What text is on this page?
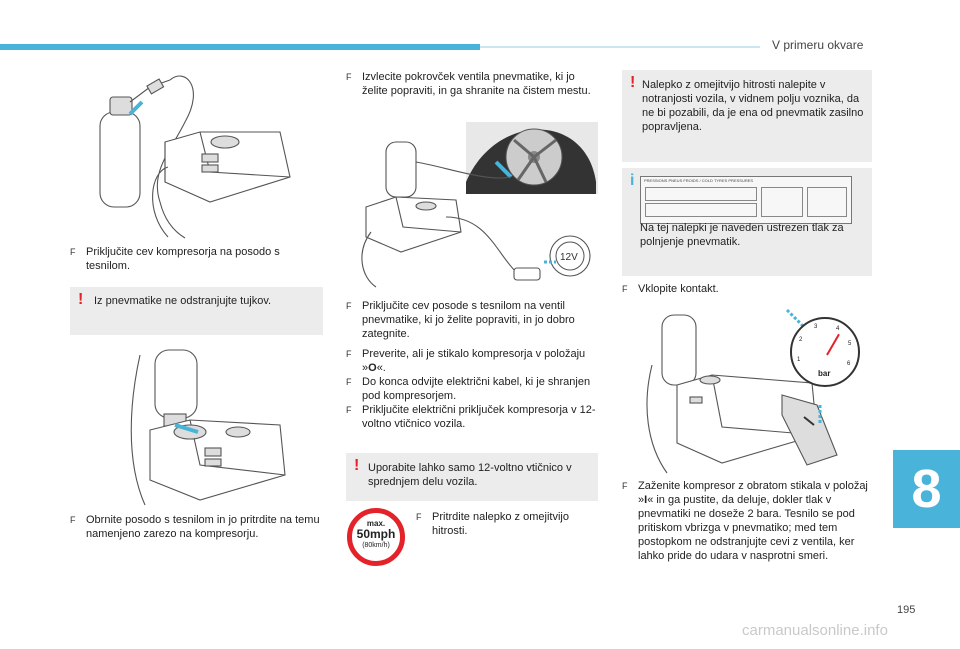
V primeru okvare
8
195
carmanualsonline.info
F Priključite cev kompresorja na posodo s tesnilom.
! Iz pnevmatike ne odstranjujte tujkov.
F Obrnite posodo s tesnilom in jo pritrdite na temu namenjeno zarezo na kompresorju.
F Izvlecite pokrovček ventila pnevmatike, ki jo želite popraviti, in ga shranite na čistem mestu.
12V
F Priključite cev posode s tesnilom na ventil pnevmatike, ki jo želite popraviti, in jo dobro zategnite.
F Preverite, ali je stikalo kompresorja v položaju »O«.
F Do konca odvijte električni kabel, ki je shranjen pod kompresorjem.
F Priključite električni priključek kompresorja v 12-voltno vtičnico vozila.
! Uporabite lahko samo 12-voltno vtičnico v sprednjem delu vozila.
max.
50mph
(80km/h)
F Pritrdite nalepko z omejitvijo hitrosti.
! Nalepko z omejitvijo hitrosti nalepite v notranjosti vozila, v vidnem polju voznika, da ne bi pozabili, da je ena od pnevmatik zasilno popravljena.
i	PRESSIONS PNEUS FROIDS / COLD TYRES PRESSURES
Na tej nalepki je naveden ustrezen tlak za polnjenje pnevmatik.
F Vklopite kontakt.
bar
1
2
3	4
5
6
F Zaženite kompresor z obratom stikala v položaj »I« in ga pustite, da deluje, dokler tlak v pnevmatiki ne doseže 2 bara. Tesnilo se pod pritiskom vbrizga v pnevmatiko; med tem postopkom ne odstranjujte cevi z ventila, ker lahko pride do udara v nasprotni smeri.
